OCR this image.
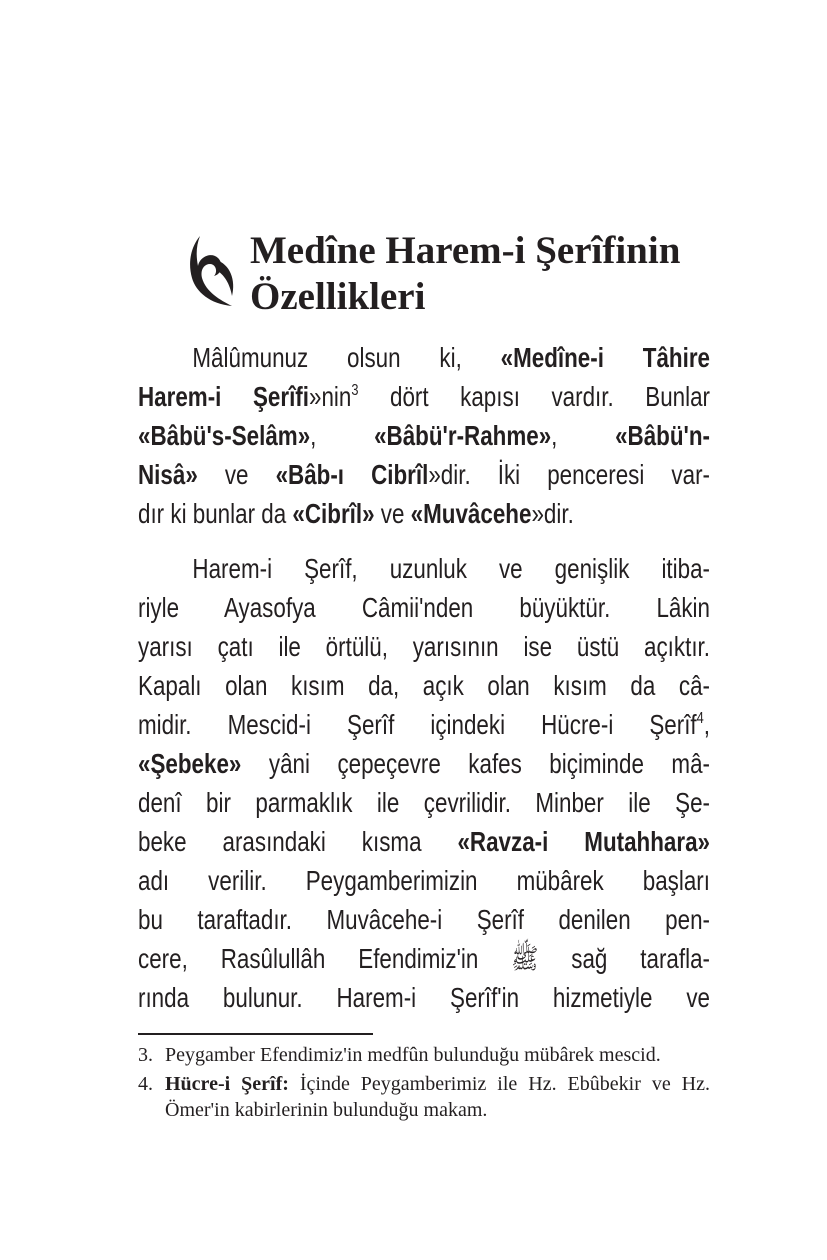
Medîne Harem-i Şerîfinin
Özellikleri
Mâlûmunuz olsun ki, «Medîne-i Tâhire
Harem-i Şerîfi»nin$^3$ dört kapısı vardır. Bunlar
«Bâbü's-Selâm», «Bâbü'r-Rahme», «Bâbü'n-
Nisâ» ve «Bâb-ı Cibrîl»dir. İki penceresi var-
dır ki bunlar da «Cibrîl» ve «Muvâcehe»dir.
Harem-i Şerîf, uzunluk ve genişlik itiba-
riyle Ayasofya Câmii'nden büyüktür. Lâkin
yarısı çatı ile örtülü, yarısının ise üstü açıktır.
Kapalı olan kısım da, açık olan kısım da câ-
midir. Mescid-i Şerîf içindeki Hücre-i Şerîf$^4$,
«Şebeke» yâni çepeçevre kafes biçiminde mâ-
denî bir parmaklık ile çevrilidir. Minber ile Şe-
beke arasındaki kısma «Ravza-i Mutahhara»
adı verilir. Peygamberimizin mübârek başları
bu taraftadır. Muvâcehe-i Şerîf denilen pen-
cere, Rasûlullâh Efendimiz'in ﷺ sağ tarafla-
rında bulunur. Harem-i Şerîf'in hizmetiyle ve
3. Peygamber Efendimiz'in medfûn bulunduğu mübârek mescid.
4. Hücre-i Şerîf: İçinde Peygamberimiz ile Hz. Ebûbekir ve Hz. Ömer'in kabirlerinin bulunduğu makam.
